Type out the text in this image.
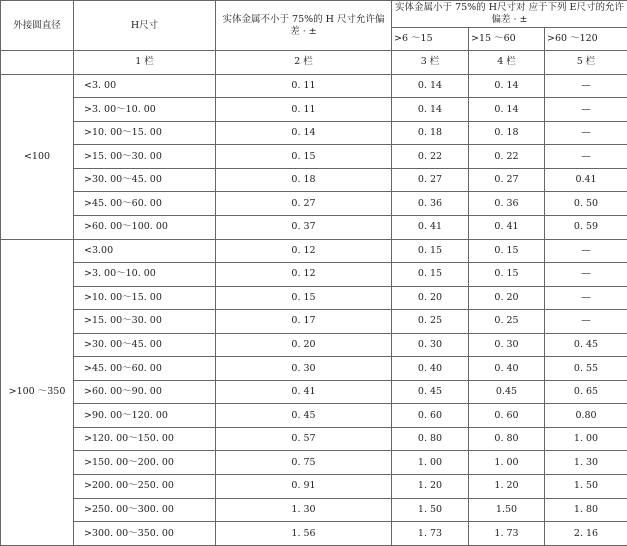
外接圆直径	H尺寸	实体金属不小于 75%的 H 尺寸允许偏差 · ±	实体金属小于 75%的 H尺寸对 应于下列 E尺寸的允许偏差 · ±		
			>6 ～15	>15 ～60	>60 ～120
	1 栏	2 栏	3 栏	4 栏	5 栏
<100	<3. 00	0. 11	0. 14	0. 14	—
	>3. 00～10. 00	0. 11	0. 14	0. 14	—
	>10. 00～15. 00	0. 14	0. 18	0. 18	—
	>15. 00～30. 00	0. 15	0. 22	0. 22	—
	>30. 00～45. 00	0. 18	0. 27	0. 27	0.41
	>45. 00～60. 00	0. 27	0. 36	0. 36	0. 50
	>60. 00～100. 00	0. 37	0. 41	0. 41	0. 59
>100 ～350	<3.00	0. 12	0. 15	0. 15	—
	>3. 00～10. 00	0. 12	0. 15	0. 15	—
	>10. 00～15. 00	0. 15	0. 20	0. 20	—
	>15. 00～30. 00	0. 17	0. 25	0. 25	—
	>30. 00～45. 00	0. 20	0. 30	0. 30	0. 45
	>45. 00～60. 00	0. 30	0. 40	0. 40	0. 55
	>60. 00～90. 00	0. 41	0. 45	0.45	0. 65
	>90. 00～120. 00	0. 45	0. 60	0. 60	0.80
	>120. 00～150. 00	0. 57	0. 80	0. 80	1. 00
	>150. 00～200. 00	0. 75	1. 00	1. 00	1. 30
	>200. 00～250. 00	0. 91	1. 20	1. 20	1. 50
	>250. 00～300. 00	1. 30	1. 50	1.50	1. 80
	>300. 00～350. 00	1. 56	1. 73	1. 73	2. 16
